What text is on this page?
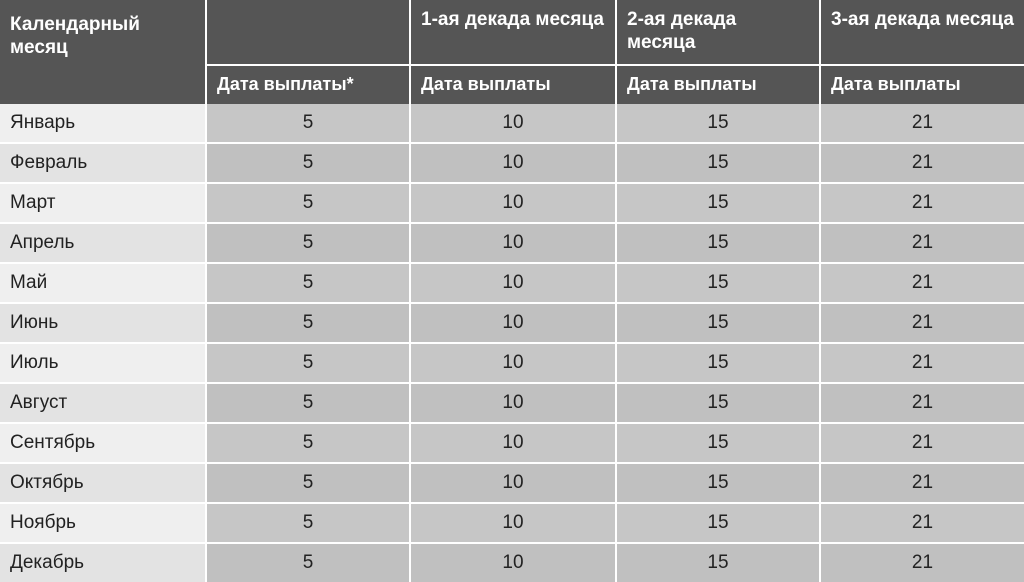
Календарный месяц		1-ая декада месяца	2-ая декада месяца	3-ая декада месяца
	Дата выплаты*	Дата выплаты	Дата выплаты	Дата выплаты
Январь	5	10	15	21
Февраль	5	10	15	21
Март	5	10	15	21
Апрель	5	10	15	21
Май	5	10	15	21
Июнь	5	10	15	21
Июль	5	10	15	21
Август	5	10	15	21
Сентябрь	5	10	15	21
Октябрь	5	10	15	21
Ноябрь	5	10	15	21
Декабрь	5	10	15	21
